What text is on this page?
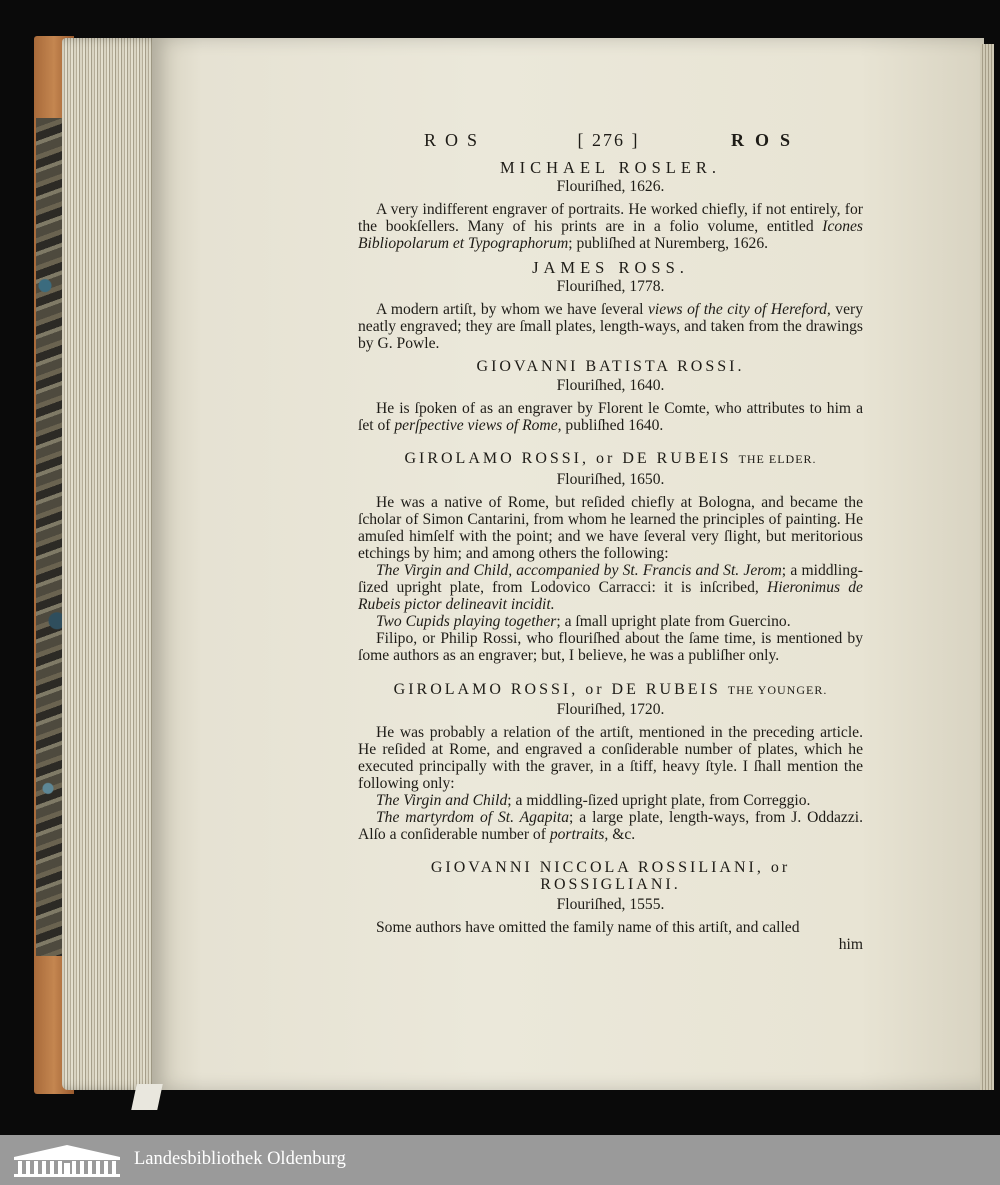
ROS	[ 276 ]	ROS
MICHAEL ROSLER.
Flouriſhed, 1626.

A very indifferent engraver of portraits. He worked chiefly, if not entirely, for the bookſellers. Many of his prints are in a folio volume, entitled Icones Bibliopolarum et Typographorum; publiſhed at Nuremberg, 1626.

JAMES ROSS.
Flouriſhed, 1778.

A modern artiſt, by whom we have ſeveral views of the city of Hereford, very neatly engraved; they are ſmall plates, length-ways, and taken from the drawings by G. Powle.

GIOVANNI BATISTA ROSSI.
Flouriſhed, 1640.

He is ſpoken of as an engraver by Florent le Comte, who attributes to him a ſet of perſpective views of Rome, publiſhed 1640.

GIROLAMO ROSSI, or DE RUBEIS THE ELDER.
Flouriſhed, 1650.

He was a native of Rome, but reſided chiefly at Bologna, and became the ſcholar of Simon Cantarini, from whom he learned the principles of painting. He amuſed himſelf with the point; and we have ſeveral very ſlight, but meritorious etchings by him; and among others the following:

The Virgin and Child, accompanied by St. Francis and St. Jerom; a middling-ſized upright plate, from Lodovico Carracci: it is inſcribed, Hieronimus de Rubeis pictor delineavit incidit.

Two Cupids playing together; a ſmall upright plate from Guercino.

Filipo, or Philip Rossi, who flouriſhed about the ſame time, is mentioned by ſome authors as an engraver; but, I believe, he was a publiſher only.

GIROLAMO ROSSI, or DE RUBEIS THE YOUNGER.
Flouriſhed, 1720.

He was probably a relation of the artiſt, mentioned in the preceding article. He reſided at Rome, and engraved a conſiderable number of plates, which he executed principally with the graver, in a ſtiff, heavy ſtyle. I ſhall mention the following only:

The Virgin and Child; a middling-ſized upright plate, from Correggio.

The martyrdom of St. Agapita; a large plate, length-ways, from J. Oddazzi. Alſo a conſiderable number of portraits, &c.

GIOVANNI NICCOLA ROSSILIANI, or ROSSIGLIANI.
Flouriſhed, 1555.

Some authors have omitted the family name of this artiſt, and called

him
Landesbibliothek Oldenburg
